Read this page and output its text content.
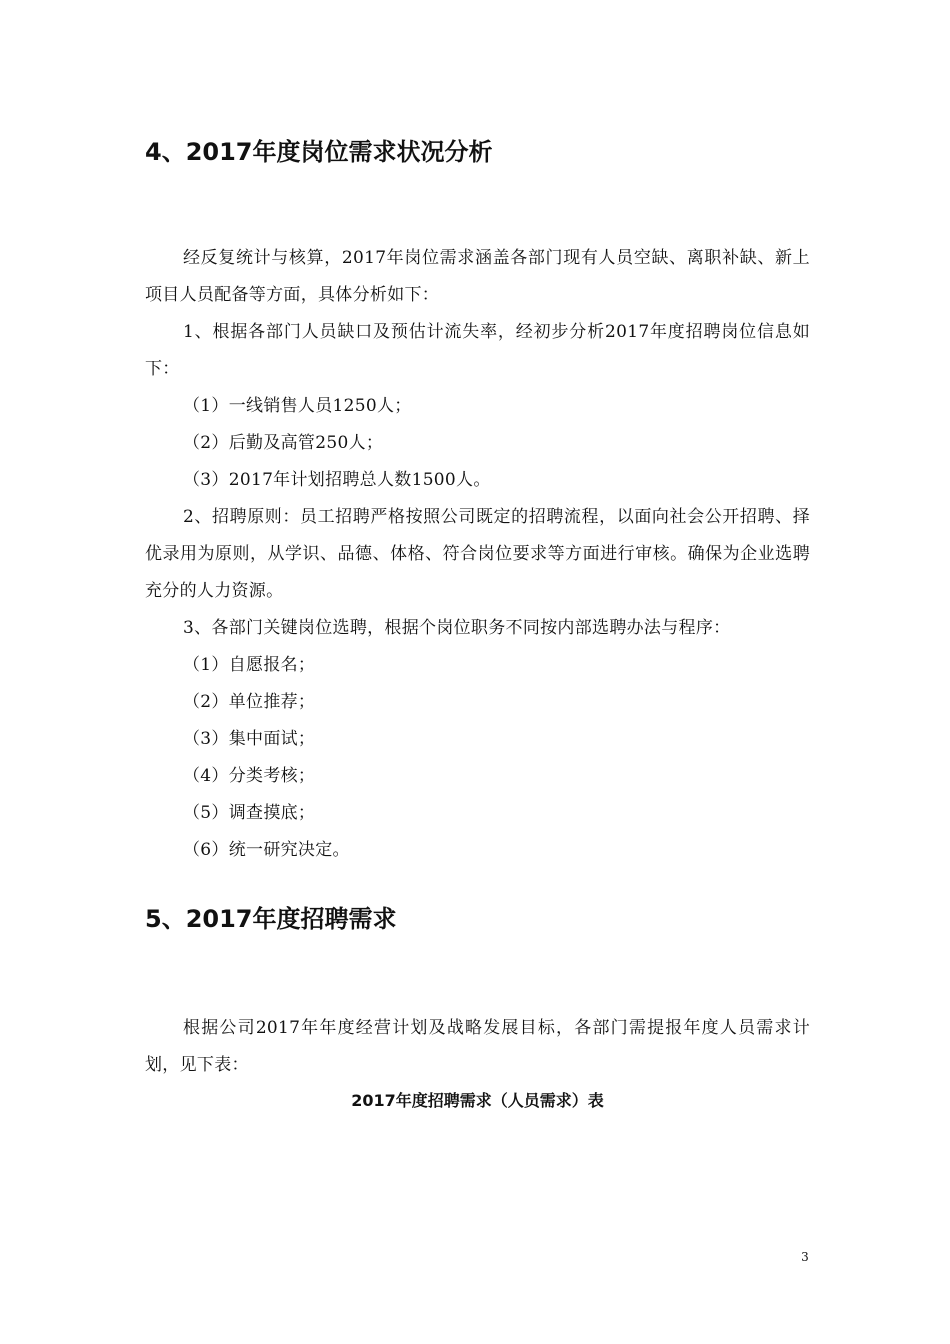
4、2017年度岗位需求状况分析

经反复统计与核算，2017年岗位需求涵盖各部门现有人员空缺、离职补缺、新上项目人员配备等方面，具体分析如下：

1、根据各部门人员缺口及预估计流失率，经初步分析2017年度招聘岗位信息如下：

（1）一线销售人员1250人；

（2）后勤及高管250人；

（3）2017年计划招聘总人数1500人。

2、招聘原则：员工招聘严格按照公司既定的招聘流程，以面向社会公开招聘、择优录用为原则，从学识、品德、体格、符合岗位要求等方面进行审核。确保为企业选聘充分的人力资源。

3、各部门关键岗位选聘，根据个岗位职务不同按内部选聘办法与程序：

（1）自愿报名；

（2）单位推荐；

（3）集中面试；

（4）分类考核；

（5）调查摸底；

（6）统一研究决定。

5、2017年度招聘需求

根据公司2017年年度经营计划及战略发展目标，各部门需提报年度人员需求计划，见下表：

2017年度招聘需求（人员需求）表

3
